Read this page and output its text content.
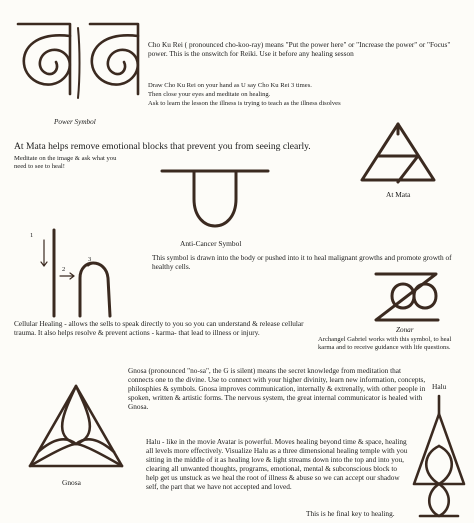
Power Symbol
Cho Ku Rei ( pronounced cho-koo-ray) means "Put the power here" or "Increase the power" or "Focus" power. This is the onswitch for Reiki. Use it before any healing sesson
Draw Cho Ku Rei on your hand as U say Cho Ku Rei 3 times.
Then close your eyes and meditate on healing.
Ask to learn the lesson the illness is trying to teach as the illness disolves
At Mata helps remove emotional blocks that prevent you from seeing clearly.
Meditate on the image & ask what you need to see to heal!
At Mata
Anti-Cancer Symbol
This symbol is drawn into the body or pushed into it to heal malignant growths and promote growth of healthy cells.
1
2
3
Cellular Healing - allows the sells to speak directly to you so you can understand & release cellular trauma. It also helps resolve & prevent actions - karma- that lead to illness or injury.	Zonar
Archangel Gabriel works with this symbol, to heal karma and to receive guidance with life questions.
Gnosa (pronounced "no-sa", the G is silent) means the secret knowledge from meditation that connects one to the divine. Use to connect with your higher divinity, learn new information, concepts, philosphies & symbols. Gnosa improves communication, internally & extrenally, with other people in spoken, written & artistic forms. The nervous system, the great internal communicator is healed with Gnosa.
Gnosa
Halu
Halu - like in the movie Avatar is powerful. Moves healing beyond time & space, healing all levels more effectively. Visualize Halu as a three dimensional healing temple with you sitting in the middle of it as healing love & light streams down into the top and into you, clearing all unwanted thoughts, programs, emotional, mental & subconscious block to help get us unstuck as we heal the root of illness & abuse so we can accept our shadow self, the part that we have not accepted and loved.
This is he final key to healing.
